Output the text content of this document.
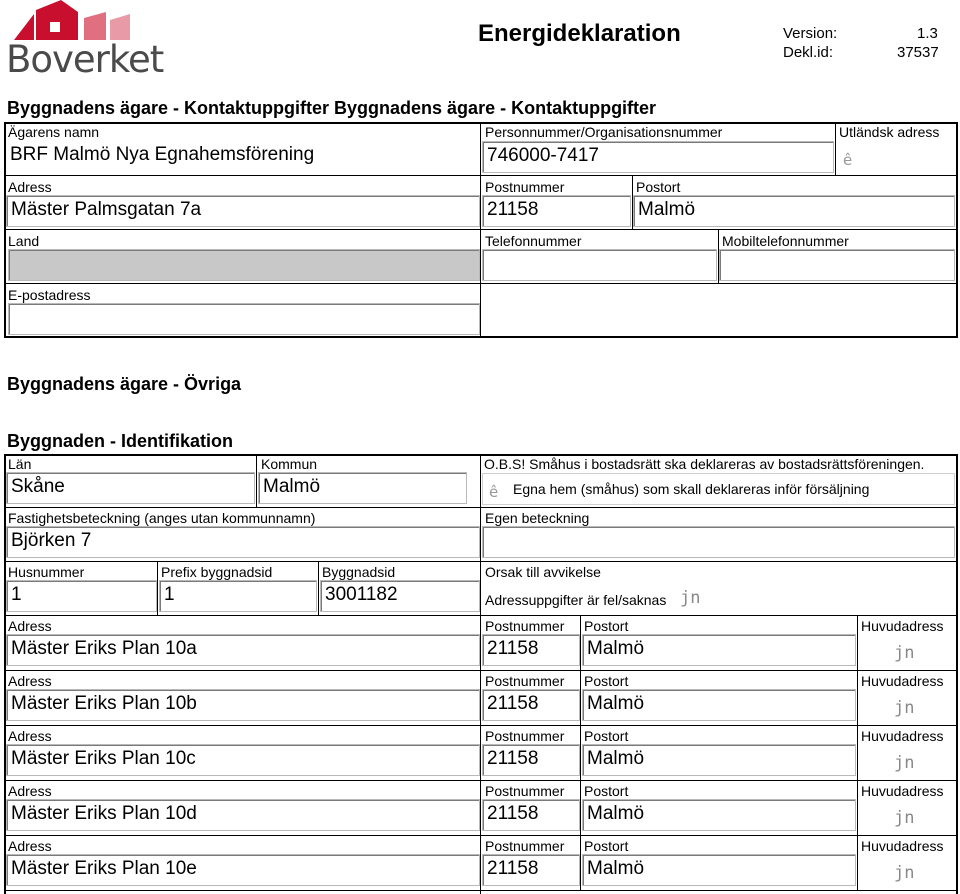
Boverket
Energideklaration	Version:	1.3
Dekl.id:	37537
Byggnadens ägare - Kontaktuppgifter Byggnadens ägare - Kontaktuppgifter
Ägarens namn
BRF Malmö Nya Egnahemsförening
Personnummer/Organisationsnummer
746000-7417
Utländsk adress
ê
Adress
Mäster Palmsgatan 7a
Postnummer
21158
Postort
Malmö
Land	Telefonnummer	Mobiltelefonnummer
E-postadress
Byggnadens ägare - Övriga
Byggnaden - Identifikation
Län
Skåne
Kommun
Malmö
O.B.S! Småhus i bostadsrätt ska deklareras av bostadsrättsföreningen.
ê Egna hem (småhus) som skall deklareras inför försäljning
Fastighetsbeteckning (anges utan kommunnamn)
Björken 7
Egen beteckning
Husnummer
1
Prefix byggnadsid
1
Byggnadsid
3001182
Orsak till avvikelse
Adressuppgifter är fel/saknas jn
Adress
Mäster Eriks Plan 10a
Postnummer
21158
Postort
Malmö
Huvudadress
jn
Adress
Mäster Eriks Plan 10b
Postnummer
21158
Postort
Malmö
Huvudadress
jn
Adress
Mäster Eriks Plan 10c
Postnummer
21158
Postort
Malmö
Huvudadress
jn
Adress
Mäster Eriks Plan 10d
Postnummer
21158
Postort
Malmö
Huvudadress
jn
Adress
Mäster Eriks Plan 10e
Postnummer
21158
Postort
Malmö
Huvudadress
jn
